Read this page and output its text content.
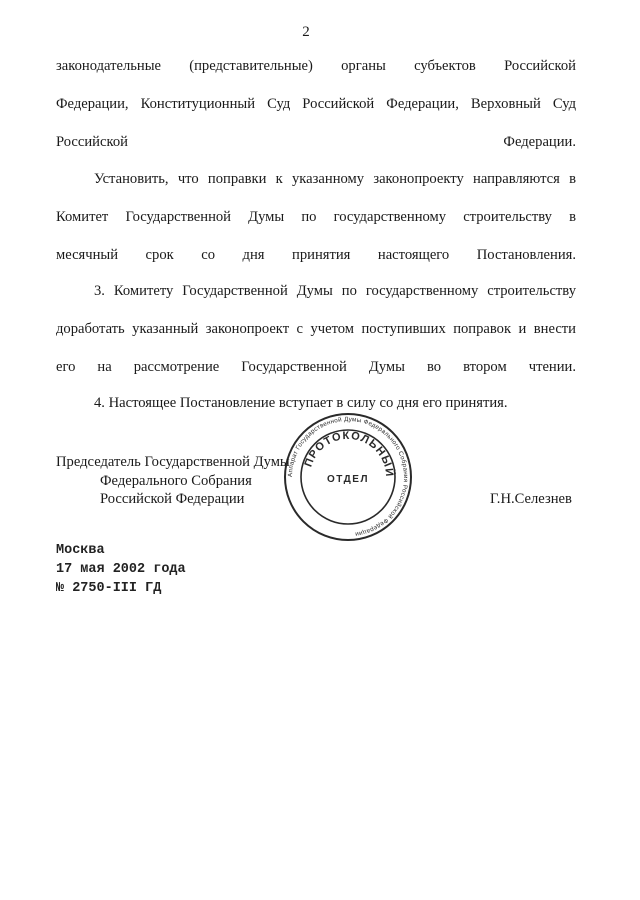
2
законодательные (представительные) органы субъектов Российской
Федерации, Конституционный Суд Российской Федерации, Верховный Суд
Российской Федерации.
Установить, что поправки к указанному законопроекту направляются в
Комитет Государственной Думы по государственному строительству в
месячный срок со дня принятия настоящего Постановления.
3. Комитету Государственной Думы по государственному строительству
доработать указанный законопроект с учетом поступивших поправок и внести
его на рассмотрение Государственной Думы во втором чтении.
4. Настоящее Постановление вступает в силу со дня его принятия.
Аппарат Государственной Думы Федерального Собрания Российской Федерации
ПРОТОКОЛЬНЫЙ
ОТДЕЛ
Председатель Государственной Думы
Федерального Собрания
Российской Федерации	Г.Н.Селезнев
Москва
17 мая 2002 года
№ 2750-III ГД
